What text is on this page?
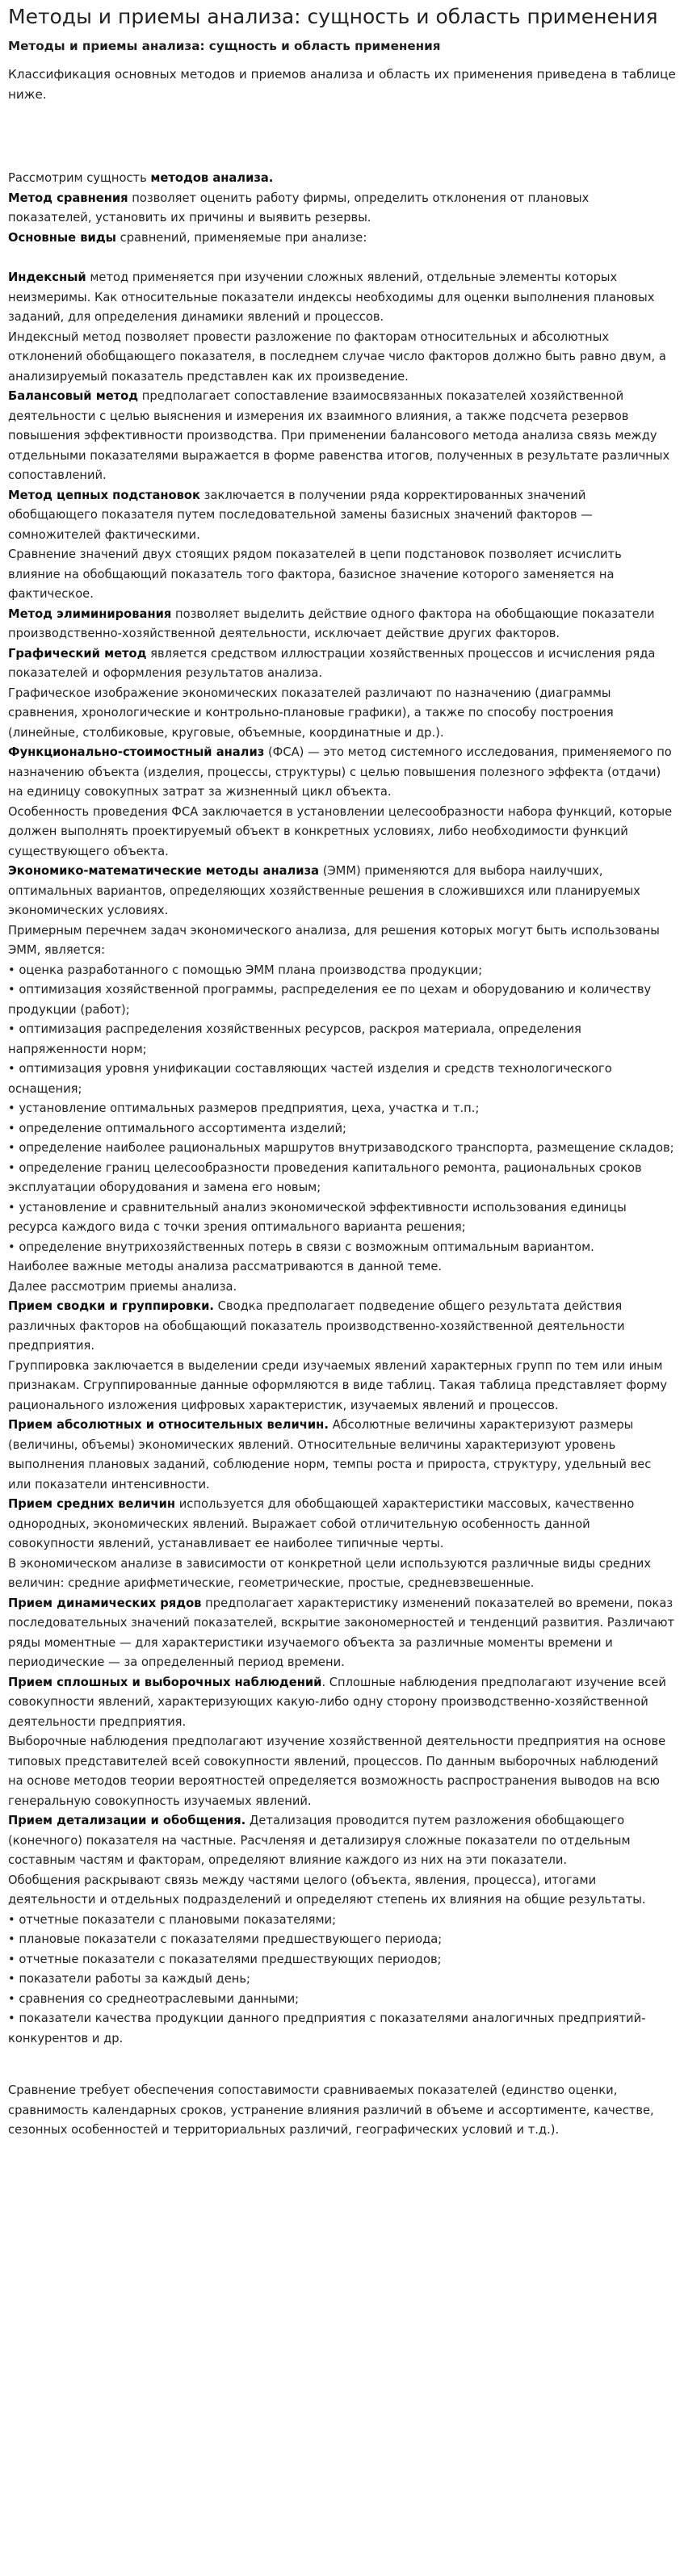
Методы и приемы анализа: сущность и область применения
Методы и приемы анализа: сущность и область применения
Классификация основных методов и приемов анализа и область их применения приведена в таблице ниже.

Рассмотрим сущность методов анализа.

Метод сравнения позволяет оценить работу фирмы, определить отклонения от плановых показателей, установить их причины и выявить резервы.

Основные виды сравнений, применяемые при анализе:

Индексный метод применяется при изучении сложных явлений, отдельные элементы которых неизмеримы. Как относительные показатели индексы необходимы для оценки выполнения плановых заданий, для определения динамики явлений и процессов.

Индексный метод позволяет провести разложение по факторам относительных и абсолютных отклонений обобщающего показателя, в последнем случае число факторов должно быть равно двум, а анализируемый показатель представлен как их произведение.

Балансовый метод предполагает сопоставление взаимосвязанных показателей хозяйственной деятельности с целью выяснения и измерения их взаимного влияния, а также подсчета резервов повышения эффективности производства. При применении балансового метода анализа связь между отдельными показателями выражается в форме равенства итогов, полученных в результате различных сопоставлений.

Метод цепных подстановок заключается в получении ряда корректированных значений обобщающего показателя путем последовательной замены базисных значений факторов — сомножителей фактическими.

Сравнение значений двух стоящих рядом показателей в цепи подстановок позволяет исчислить влияние на обобщающий показатель того фактора, базисное значение которого заменяется на фактическое.

Метод элиминирования позволяет выделить действие одного фактора на обобщающие показатели производственно-хозяйственной деятельности, исключает действие других факторов.

Графический метод является средством иллюстрации хозяйственных процессов и исчисления ряда показателей и оформления результатов анализа.

Графическое изображение экономических показателей различают по назначению (диаграммы сравнения, хронологические и контрольно-плановые графики), а также по способу построения (линейные, столбиковые, круговые, объемные, координатные и др.).

Функционально-стоимостный анализ (ФСА) — это метод системного исследования, применяемого по назначению объекта (изделия, процессы, структуры) с целью повышения полезного эффекта (отдачи) на единицу совокупных затрат за жизненный цикл объекта.

Особенность проведения ФСА заключается в установлении целесообразности набора функций, которые должен выполнять проектируемый объект в конкретных условиях, либо необходимости функций существующего объекта.

Экономико-математические методы анализа (ЭММ) применяются для выбора наилучших, оптимальных вариантов, определяющих хозяйственные решения в сложившихся или планируемых экономических условиях.

Примерным перечнем задач экономического анализа, для решения которых могут быть использованы ЭММ, является:

• оценка разработанного с помощью ЭММ плана производства продукции;

• оптимизация хозяйственной программы, распределения ее по цехам и оборудованию и количеству продукции (работ);

• оптимизация распределения хозяйственных ресурсов, раскроя материала, определения напряженности норм;

• оптимизация уровня унификации составляющих частей изделия и средств технологического оснащения;

• установление оптимальных размеров предприятия, цеха, участка и т.п.;

• определение оптимального ассортимента изделий;

• определение наиболее рациональных маршрутов внутризаводского транспорта, размещение складов;

• определение границ целесообразности проведения капитального ремонта, рациональных сроков эксплуатации оборудования и замена его новым;

• установление и сравнительный анализ экономической эффективности использования единицы ресурса каждого вида с точки зрения оптимального варианта решения;

• определение внутрихозяйственных потерь в связи с возможным оптимальным вариантом.

Наиболее важные методы анализа рассматриваются в данной теме.

Далее рассмотрим приемы анализа.

Прием сводки и группировки. Сводка предполагает подведение общего результата действия различных факторов на обобщающий показатель производственно-хозяйственной деятельности предприятия.

Группировка заключается в выделении среди изучаемых явлений характерных групп по тем или иным признакам. Сгруппированные данные оформляются в виде таблиц. Такая таблица представляет форму рационального изложения цифровых характеристик, изучаемых явлений и процессов.

Прием абсолютных и относительных величин. Абсолютные величины характеризуют размеры (величины, объемы) экономических явлений. Относительные величины характеризуют уровень выполнения плановых заданий, соблюдение норм, темпы роста и прироста, структуру, удельный вес или показатели интенсивности.

Прием средних величин используется для обобщающей характеристики массовых, качественно однородных, экономических явлений. Выражает собой отличительную особенность данной совокупности явлений, устанавливает ее наиболее типичные черты.

В экономическом анализе в зависимости от конкретной цели используются различные виды средних величин: средние арифметические, геометрические, простые, средневзвешенные.

Прием динамических рядов предполагает характеристику изменений показателей во времени, показ последовательных значений показателей, вскрытие закономерностей и тенденций развития. Различают ряды моментные — для характеристики изучаемого объекта за различные моменты времени и периодические — за определенный период времени.

Прием сплошных и выборочных наблюдений. Сплошные наблюдения предполагают изучение всей совокупности явлений, характеризующих какую-либо одну сторону производственно-хозяйственной деятельности предприятия.

Выборочные наблюдения предполагают изучение хозяйственной деятельности предприятия на основе типовых представителей всей совокупности явлений, процессов. По данным выборочных наблюдений на основе методов теории вероятностей определяется возможность распространения выводов на всю генеральную совокупность изучаемых явлений.

Прием детализации и обобщения. Детализация проводится путем разложения обобщающего (конечного) показателя на частные. Расчленяя и детализируя сложные показатели по отдельным составным частям и факторам, определяют влияние каждого из них на эти показатели.

Обобщения раскрывают связь между частями целого (объекта, явления, процесса), итогами деятельности и отдельных подразделений и определяют степень их влияния на общие результаты.

• отчетные показатели с плановыми показателями;

• плановые показатели с показателями предшествующего периода;

• отчетные показатели с показателями предшествующих периодов;

• показатели работы за каждый день;

• сравнения со среднеотраслевыми данными;

• показатели качества продукции данного предприятия с показателями аналогичных предприятий-конкурентов и др.

Сравнение требует обеспечения сопоставимости сравниваемых показателей (единство оценки, сравнимость календарных сроков, устранение влияния различий в объеме и ассортименте, качестве, сезонных особенностей и территориальных различий, географических условий и т.д.).
